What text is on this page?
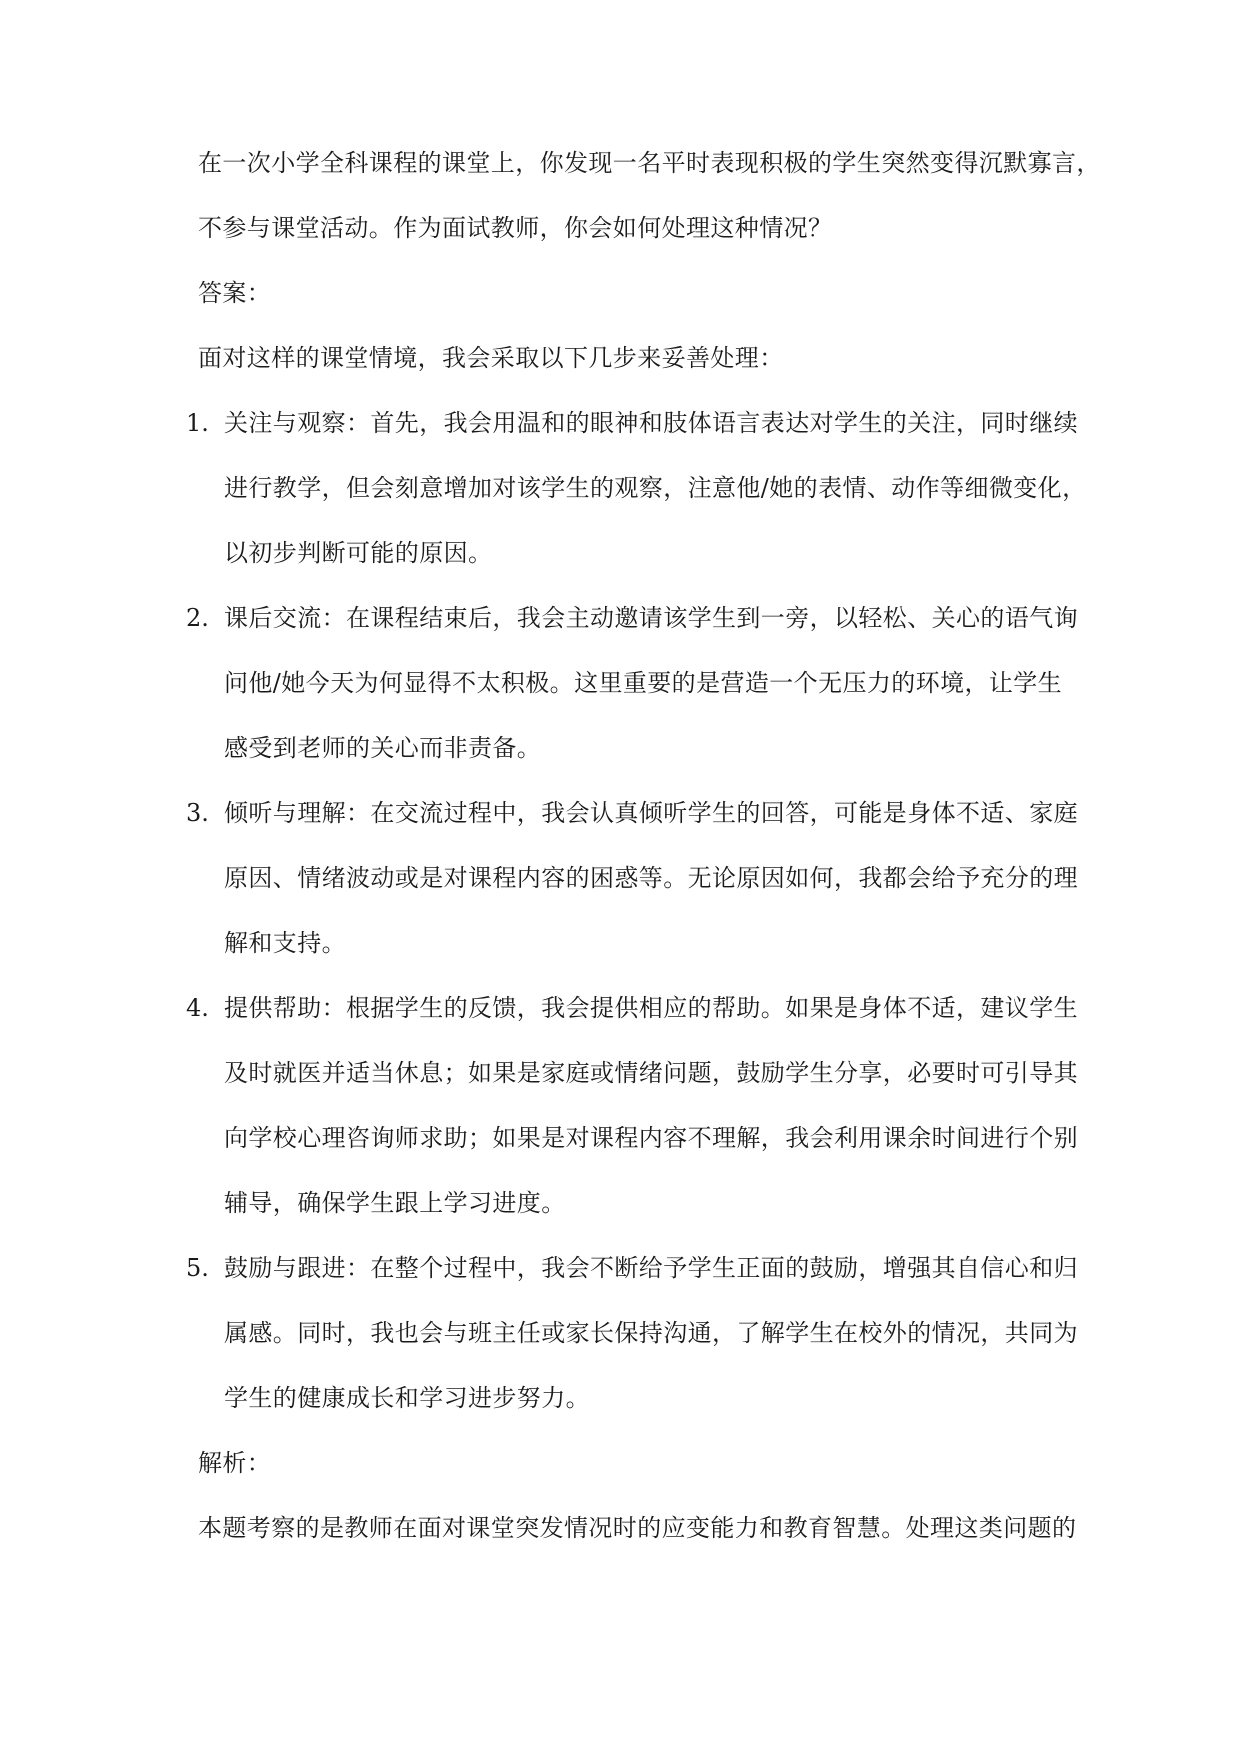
在一次小学全科课程的课堂上，你发现一名平时表现积极的学生突然变得沉默寡言，
不参与课堂活动。作为面试教师，你会如何处理这种情况？
答案：
面对这样的课堂情境，我会采取以下几步来妥善处理：
1. 关注与观察：首先，我会用温和的眼神和肢体语言表达对学生的关注，同时继续
进行教学，但会刻意增加对该学生的观察，注意他/她的表情、动作等细微变化，
以初步判断可能的原因。
2. 课后交流：在课程结束后，我会主动邀请该学生到一旁，以轻松、关心的语气询
问他/她今天为何显得不太积极。这里重要的是营造一个无压力的环境，让学生
感受到老师的关心而非责备。
3. 倾听与理解：在交流过程中，我会认真倾听学生的回答，可能是身体不适、家庭
原因、情绪波动或是对课程内容的困惑等。无论原因如何，我都会给予充分的理
解和支持。
4. 提供帮助：根据学生的反馈，我会提供相应的帮助。如果是身体不适，建议学生
及时就医并适当休息；如果是家庭或情绪问题，鼓励学生分享，必要时可引导其
向学校心理咨询师求助；如果是对课程内容不理解，我会利用课余时间进行个别
辅导，确保学生跟上学习进度。
5. 鼓励与跟进：在整个过程中，我会不断给予学生正面的鼓励，增强其自信心和归
属感。同时，我也会与班主任或家长保持沟通，了解学生在校外的情况，共同为
学生的健康成长和学习进步努力。
解析：
本题考察的是教师在面对课堂突发情况时的应变能力和教育智慧。处理这类问题的
